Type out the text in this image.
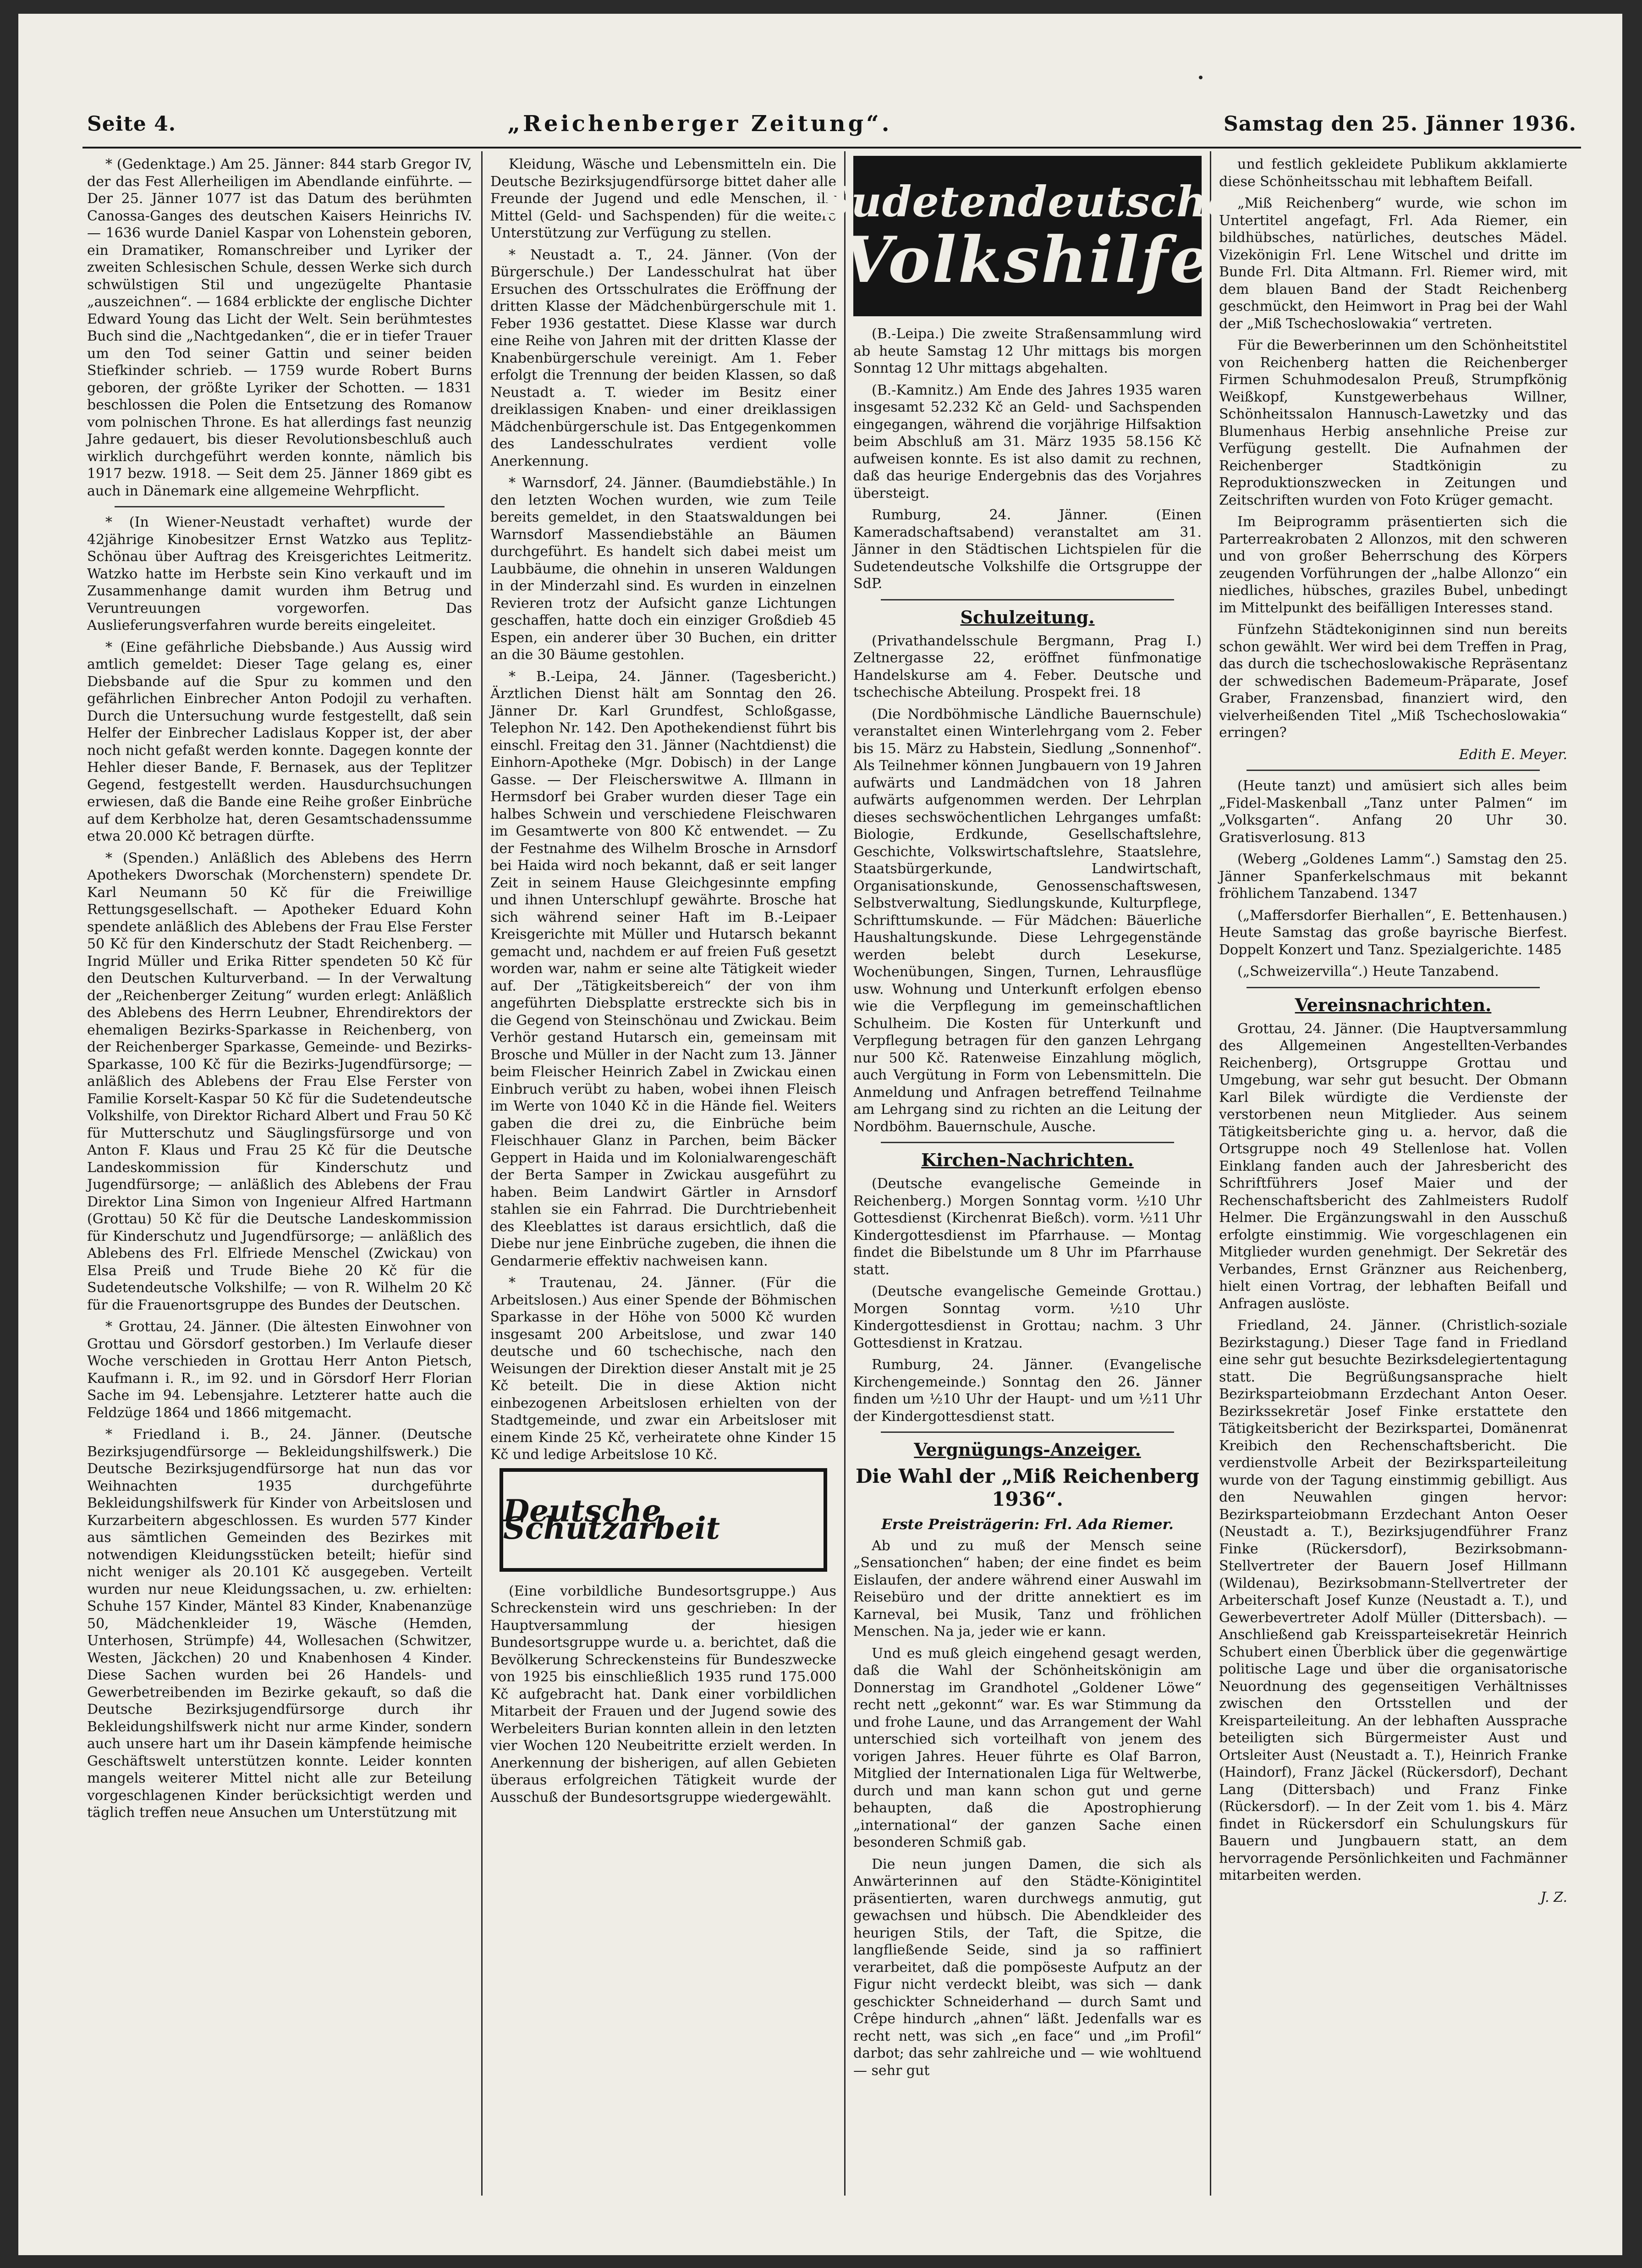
Seite 4.	„Reichenberger Zeitung“.	Samstag den 25. Jänner 1936.

* (Gedenktage.) Am 25. Jänner: 844 starb Gregor IV, der das Fest Allerheiligen im Abendlande einführte. — Der 25. Jänner 1077 ist das Datum des berühmten Canossa-Ganges des deutschen Kaisers Heinrichs IV. — 1636 wurde Daniel Kaspar von Lohenstein geboren, ein Dramatiker, Romanschreiber und Lyriker der zweiten Schlesischen Schule, dessen Werke sich durch schwülstigen Stil und ungezügelte Phantasie „auszeichnen“. — 1684 erblickte der englische Dichter Edward Young das Licht der Welt. Sein berühmtestes Buch sind die „Nachtgedanken“, die er in tiefer Trauer um den Tod seiner Gattin und seiner beiden Stiefkinder schrieb. — 1759 wurde Robert Burns geboren, der größte Lyriker der Schotten. — 1831 beschlossen die Polen die Entsetzung des Romanow vom polnischen Throne. Es hat allerdings fast neunzig Jahre gedauert, bis dieser Revolutionsbeschluß auch wirklich durchgeführt werden konnte, nämlich bis 1917 bezw. 1918. — Seit dem 25. Jänner 1869 gibt es auch in Dänemark eine allgemeine Wehrpflicht.

* (In Wiener-Neustadt verhaftet) wurde der 42jährige Kinobesitzer Ernst Watzko aus Teplitz-Schönau über Auftrag des Kreisgerichtes Leitmeritz. Watzko hatte im Herbste sein Kino verkauft und im Zusammenhange damit wurden ihm Betrug und Veruntreuungen vorgeworfen. Das Auslieferungsverfahren wurde bereits eingeleitet.

* (Eine gefährliche Diebsbande.) Aus Aussig wird amtlich gemeldet: Dieser Tage gelang es, einer Diebsbande auf die Spur zu kommen und den gefährlichen Einbrecher Anton Podojil zu verhaften. Durch die Untersuchung wurde festgestellt, daß sein Helfer der Einbrecher Ladislaus Kopper ist, der aber noch nicht gefaßt werden konnte. Dagegen konnte der Hehler dieser Bande, F. Bernasek, aus der Teplitzer Gegend, festgestellt werden. Hausdurchsuchungen erwiesen, daß die Bande eine Reihe großer Einbrüche auf dem Kerbholze hat, deren Gesamtschadenssumme etwa 20.000 Kč betragen dürfte.

* (Spenden.) Anläßlich des Ablebens des Herrn Apothekers Dworschak (Morchenstern) spendete Dr. Karl Neumann 50 Kč für die Freiwillige Rettungsgesellschaft. — Apotheker Eduard Kohn spendete anläßlich des Ablebens der Frau Else Ferster 50 Kč für den Kinderschutz der Stadt Reichenberg. — Ingrid Müller und Erika Ritter spendeten 50 Kč für den Deutschen Kulturverband. — In der Verwaltung der „Reichenberger Zeitung“ wurden erlegt: Anläßlich des Ablebens des Herrn Leubner, Ehrendirektors der ehemaligen Bezirks-Sparkasse in Reichenberg, von der Reichenberger Sparkasse, Gemeinde- und Bezirks-Sparkasse, 100 Kč für die Bezirks-Jugendfürsorge; — anläßlich des Ablebens der Frau Else Ferster von Familie Korselt-Kaspar 50 Kč für die Sudetendeutsche Volkshilfe, von Direktor Richard Albert und Frau 50 Kč für Mutterschutz und Säuglingsfürsorge und von Anton F. Klaus und Frau 25 Kč für die Deutsche Landeskommission für Kinderschutz und Jugendfürsorge; — anläßlich des Ablebens der Frau Direktor Lina Simon von Ingenieur Alfred Hartmann (Grottau) 50 Kč für die Deutsche Landeskommission für Kinderschutz und Jugendfürsorge; — anläßlich des Ablebens des Frl. Elfriede Menschel (Zwickau) von Elsa Preiß und Trude Biehe 20 Kč für die Sudetendeutsche Volkshilfe; — von R. Wilhelm 20 Kč für die Frauenortsgruppe des Bundes der Deutschen.

* Grottau, 24. Jänner. (Die ältesten Einwohner von Grottau und Görsdorf gestorben.) Im Verlaufe dieser Woche verschieden in Grottau Herr Anton Pietsch, Kaufmann i. R., im 92. und in Görsdorf Herr Florian Sache im 94. Lebensjahre. Letzterer hatte auch die Feldzüge 1864 und 1866 mitgemacht.

* Friedland i. B., 24. Jänner. (Deutsche Bezirksjugendfürsorge — Bekleidungshilfswerk.) Die Deutsche Bezirksjugendfürsorge hat nun das vor Weihnachten 1935 durchgeführte Bekleidungshilfswerk für Kinder von Arbeitslosen und Kurzarbeitern abgeschlossen. Es wurden 577 Kinder aus sämtlichen Gemeinden des Bezirkes mit notwendigen Kleidungsstücken beteilt; hiefür sind nicht weniger als 20.101 Kč ausgegeben. Verteilt wurden nur neue Kleidungssachen, u. zw. erhielten: Schuhe 157 Kinder, Mäntel 83 Kinder, Knabenanzüge 50, Mädchenkleider 19, Wäsche (Hemden, Unterhosen, Strümpfe) 44, Wollesachen (Schwitzer, Westen, Jäckchen) 20 und Knabenhosen 4 Kinder. Diese Sachen wurden bei 26 Handels- und Gewerbetreibenden im Bezirke gekauft, so daß die Deutsche Bezirksjugendfürsorge durch ihr Bekleidungshilfswerk nicht nur arme Kinder, sondern auch unsere hart um ihr Dasein kämpfende heimische Geschäftswelt unterstützen konnte. Leider konnten mangels weiterer Mittel nicht alle zur Beteilung vorgeschlagenen Kinder berücksichtigt werden und täglich treffen neue Ansuchen um Unterstützung mit

Kleidung, Wäsche und Lebensmitteln ein. Die Deutsche Bezirksjugendfürsorge bittet daher alle Freunde der Jugend und edle Menschen, ihr Mittel (Geld- und Sachspenden) für die weitere Unterstützung zur Verfügung zu stellen.

* Neustadt a. T., 24. Jänner. (Von der Bürgerschule.) Der Landesschulrat hat über Ersuchen des Ortsschulrates die Eröffnung der dritten Klasse der Mädchenbürgerschule mit 1. Feber 1936 gestattet. Diese Klasse war durch eine Reihe von Jahren mit der dritten Klasse der Knabenbürgerschule vereinigt. Am 1. Feber erfolgt die Trennung der beiden Klassen, so daß Neustadt a. T. wieder im Besitz einer dreiklassigen Knaben- und einer dreiklassigen Mädchenbürgerschule ist. Das Entgegenkommen des Landesschulrates verdient volle Anerkennung.

* Warnsdorf, 24. Jänner. (Baumdiebstähle.) In den letzten Wochen wurden, wie zum Teile bereits gemeldet, in den Staatswaldungen bei Warnsdorf Massendiebstähle an Bäumen durchgeführt. Es handelt sich dabei meist um Laubbäume, die ohnehin in unseren Waldungen in der Minderzahl sind. Es wurden in einzelnen Revieren trotz der Aufsicht ganze Lichtungen geschaffen, hatte doch ein einziger Großdieb 45 Espen, ein anderer über 30 Buchen, ein dritter an die 30 Bäume gestohlen.

* B.-Leipa, 24. Jänner. (Tagesbericht.) Ärztlichen Dienst hält am Sonntag den 26. Jänner Dr. Karl Grundfest, Schloßgasse, Telephon Nr. 142. Den Apothekendienst führt bis einschl. Freitag den 31. Jänner (Nachtdienst) die Einhorn-Apotheke (Mgr. Dobisch) in der Lange Gasse. — Der Fleischerswitwe A. Illmann in Hermsdorf bei Graber wurden dieser Tage ein halbes Schwein und verschiedene Fleischwaren im Gesamtwerte von 800 Kč entwendet. — Zu der Festnahme des Wilhelm Brosche in Arnsdorf bei Haida wird noch bekannt, daß er seit langer Zeit in seinem Hause Gleichgesinnte empfing und ihnen Unterschlupf gewährte. Brosche hat sich während seiner Haft im B.-Leipaer Kreisgerichte mit Müller und Hutarsch bekannt gemacht und, nachdem er auf freien Fuß gesetzt worden war, nahm er seine alte Tätigkeit wieder auf. Der „Tätigkeitsbereich“ der von ihm angeführten Diebsplatte erstreckte sich bis in die Gegend von Steinschönau und Zwickau. Beim Verhör gestand Hutarsch ein, gemeinsam mit Brosche und Müller in der Nacht zum 13. Jänner beim Fleischer Heinrich Zabel in Zwickau einen Einbruch verübt zu haben, wobei ihnen Fleisch im Werte von 1040 Kč in die Hände fiel. Weiters gaben die drei zu, die Einbrüche beim Fleischhauer Glanz in Parchen, beim Bäcker Geppert in Haida und im Kolonialwarengeschäft der Berta Samper in Zwickau ausgeführt zu haben. Beim Landwirt Gärtler in Arnsdorf stahlen sie ein Fahrrad. Die Durchtriebenheit des Kleeblattes ist daraus ersichtlich, daß die Diebe nur jene Einbrüche zugeben, die ihnen die Gendarmerie effektiv nachweisen kann.

* Trautenau, 24. Jänner. (Für die Arbeitslosen.) Aus einer Spende der Böhmischen Sparkasse in der Höhe von 5000 Kč wurden insgesamt 200 Arbeitslose, und zwar 140 deutsche und 60 tschechische, nach den Weisungen der Direktion dieser Anstalt mit je 25 Kč beteilt. Die in diese Aktion nicht einbezogenen Arbeitslosen erhielten von der Stadtgemeinde, und zwar ein Arbeitsloser mit einem Kinde 25 Kč, verheiratete ohne Kinder 15 Kč und ledige Arbeitslose 10 Kč.

Deutsche Schutzarbeit

(Eine vorbildliche Bundesortsgruppe.) Aus Schreckenstein wird uns geschrieben: In der Hauptversammlung der hiesigen Bundesortsgruppe wurde u. a. berichtet, daß die Bevölkerung Schreckensteins für Bundeszwecke von 1925 bis einschließlich 1935 rund 175.000 Kč aufgebracht hat. Dank einer vorbildlichen Mitarbeit der Frauen und der Jugend sowie des Werbeleiters Burian konnten allein in den letzten vier Wochen 120 Neubeitritte erzielt werden. In Anerkennung der bisherigen, auf allen Gebieten überaus erfolgreichen Tätigkeit wurde der Ausschuß der Bundesortsgruppe wiedergewählt.

Sudetendeutsche
Volkshilfe

(B.-Leipa.) Die zweite Straßensammlung wird ab heute Samstag 12 Uhr mittags bis morgen Sonntag 12 Uhr mittags abgehalten.

(B.-Kamnitz.) Am Ende des Jahres 1935 waren insgesamt 52.232 Kč an Geld- und Sachspenden eingegangen, während die vorjährige Hilfsaktion beim Abschluß am 31. März 1935 58.156 Kč aufweisen konnte. Es ist also damit zu rechnen, daß das heurige Endergebnis das des Vorjahres übersteigt.

Rumburg, 24. Jänner. (Einen Kameradschaftsabend) veranstaltet am 31. Jänner in den Städtischen Lichtspielen für die Sudetendeutsche Volkshilfe die Ortsgruppe der SdP.

Schulzeitung.

(Privathandelsschule Bergmann, Prag I.) Zeltnergasse 22, eröffnet fünfmonatige Handelskurse am 4. Feber. Deutsche und tschechische Abteilung. Prospekt frei. 18

(Die Nordböhmische Ländliche Bauernschule) veranstaltet einen Winterlehrgang vom 2. Feber bis 15. März zu Habstein, Siedlung „Sonnenhof“. Als Teilnehmer können Jungbauern von 19 Jahren aufwärts und Landmädchen von 18 Jahren aufwärts aufgenommen werden. Der Lehrplan dieses sechswöchentlichen Lehrganges umfaßt: Biologie, Erdkunde, Gesellschaftslehre, Geschichte, Volkswirtschaftslehre, Staatslehre, Staatsbürgerkunde, Landwirtschaft, Organisationskunde, Genossenschaftswesen, Selbstverwaltung, Siedlungskunde, Kulturpflege, Schrifttumskunde. — Für Mädchen: Bäuerliche Haushaltungskunde. Diese Lehrgegenstände werden belebt durch Lesekurse, Wochenübungen, Singen, Turnen, Lehrausflüge usw. Wohnung und Unterkunft erfolgen ebenso wie die Verpflegung im gemeinschaftlichen Schulheim. Die Kosten für Unterkunft und Verpflegung betragen für den ganzen Lehrgang nur 500 Kč. Ratenweise Einzahlung möglich, auch Vergütung in Form von Lebensmitteln. Die Anmeldung und Anfragen betreffend Teilnahme am Lehrgang sind zu richten an die Leitung der Nordböhm. Bauernschule, Ausche.

Kirchen-Nachrichten.

(Deutsche evangelische Gemeinde in Reichenberg.) Morgen Sonntag vorm. ½10 Uhr Gottesdienst (Kirchenrat Bießch). vorm. ½11 Uhr Kindergottesdienst im Pfarrhause. — Montag findet die Bibelstunde um 8 Uhr im Pfarrhause statt.

(Deutsche evangelische Gemeinde Grottau.) Morgen Sonntag vorm. ½10 Uhr Kindergottesdienst in Grottau; nachm. 3 Uhr Gottesdienst in Kratzau.

Rumburg, 24. Jänner. (Evangelische Kirchengemeinde.) Sonntag den 26. Jänner finden um ½10 Uhr der Haupt- und um ½11 Uhr der Kindergottesdienst statt.

Vergnügungs-Anzeiger.
Die Wahl der „Miß Reichenberg 1936“.
Erste Preisträgerin: Frl. Ada Riemer.

Ab und zu muß der Mensch seine „Sensationchen“ haben; der eine findet es beim Eislaufen, der andere während einer Auswahl im Reisebüro und der dritte annektiert es im Karneval, bei Musik, Tanz und fröhlichen Menschen. Na ja, jeder wie er kann.

Und es muß gleich eingehend gesagt werden, daß die Wahl der Schönheitskönigin am Donnerstag im Grandhotel „Goldener Löwe“ recht nett „gekonnt“ war. Es war Stimmung da und frohe Laune, und das Arrangement der Wahl unterschied sich vorteilhaft von jenem des vorigen Jahres. Heuer führte es Olaf Barron, Mitglied der Internationalen Liga für Weltwerbe, durch und man kann schon gut und gerne behaupten, daß die Apostrophierung „international“ der ganzen Sache einen besonderen Schmiß gab.

Die neun jungen Damen, die sich als Anwärterinnen auf den Städte-Königintitel präsentierten, waren durchwegs anmutig, gut gewachsen und hübsch. Die Abendkleider des heurigen Stils, der Taft, die Spitze, die langfließende Seide, sind ja so raffiniert verarbeitet, daß die pompöseste Aufputz an der Figur nicht verdeckt bleibt, was sich — dank geschickter Schneiderhand — durch Samt und Crêpe hindurch „ahnen“ läßt. Jedenfalls war es recht nett, was sich „en face“ und „im Profil“ darbot; das sehr zahlreiche und — wie wohltuend — sehr gut

und festlich gekleidete Publikum akklamierte diese Schönheitsschau mit lebhaftem Beifall.

„Miß Reichenberg“ wurde, wie schon im Untertitel angefagt, Frl. Ada Riemer, ein bildhübsches, natürliches, deutsches Mädel. Vizekönigin Frl. Lene Witschel und dritte im Bunde Frl. Dita Altmann. Frl. Riemer wird, mit dem blauen Band der Stadt Reichenberg geschmückt, den Heimwort in Prag bei der Wahl der „Miß Tschechoslowakia“ vertreten.

Für die Bewerberinnen um den Schönheitstitel von Reichenberg hatten die Reichenberger Firmen Schuhmodesalon Preuß, Strumpfkönig Weißkopf, Kunstgewerbehaus Willner, Schönheitssalon Hannusch-Lawetzky und das Blumenhaus Herbig ansehnliche Preise zur Verfügung gestellt. Die Aufnahmen der Reichenberger Stadtkönigin zu Reproduktionszwecken in Zeitungen und Zeitschriften wurden von Foto Krüger gemacht.

Im Beiprogramm präsentierten sich die Parterreakrobaten 2 Allonzos, mit den schweren und von großer Beherrschung des Körpers zeugenden Vorführungen der „halbe Allonzo“ ein niedliches, hübsches, graziles Bubel, unbedingt im Mittelpunkt des beifälligen Interesses stand.

Fünfzehn Städtekoniginnen sind nun bereits schon gewählt. Wer wird bei dem Treffen in Prag, das durch die tschechoslowakische Repräsentanz der schwedischen Bademeum-Präparate, Josef Graber, Franzensbad, finanziert wird, den vielverheißenden Titel „Miß Tschechoslowakia“ erringen?

Edith E. Meyer.

(Heute tanzt) und amüsiert sich alles beim „Fidel-Maskenball „Tanz unter Palmen“ im „Volksgarten“. Anfang 20 Uhr 30. Gratisverlosung. 813

(Weberg „Goldenes Lamm“.) Samstag den 25. Jänner Spanferkelschmaus mit bekannt fröhlichem Tanzabend. 1347

(„Maffersdorfer Bierhallen“, E. Bettenhausen.) Heute Samstag das große bayrische Bierfest. Doppelt Konzert und Tanz. Spezialgerichte. 1485

(„Schweizervilla“.) Heute Tanzabend.

Vereinsnachrichten.

Grottau, 24. Jänner. (Die Hauptversammlung des Allgemeinen Angestellten-Verbandes Reichenberg), Ortsgruppe Grottau und Umgebung, war sehr gut besucht. Der Obmann Karl Bilek würdigte die Verdienste der verstorbenen neun Mitglieder. Aus seinem Tätigkeitsberichte ging u. a. hervor, daß die Ortsgruppe noch 49 Stellenlose hat. Vollen Einklang fanden auch der Jahresbericht des Schriftführers Josef Maier und der Rechenschaftsbericht des Zahlmeisters Rudolf Helmer. Die Ergänzungswahl in den Ausschuß erfolgte einstimmig. Wie vorgeschlagenen ein Mitglieder wurden genehmigt. Der Sekretär des Verbandes, Ernst Gränzner aus Reichenberg, hielt einen Vortrag, der lebhaften Beifall und Anfragen auslöste.

Friedland, 24. Jänner. (Christlich-soziale Bezirkstagung.) Dieser Tage fand in Friedland eine sehr gut besuchte Bezirksdelegiertentagung statt. Die Begrüßungsansprache hielt Bezirksparteiobmann Erzdechant Anton Oeser. Bezirkssekretär Josef Finke erstattete den Tätigkeitsbericht der Bezirkspartei, Domänenrat Kreibich den Rechenschaftsbericht. Die verdienstvolle Arbeit der Bezirksparteileitung wurde von der Tagung einstimmig gebilligt. Aus den Neuwahlen gingen hervor: Bezirksparteiobmann Erzdechant Anton Oeser (Neustadt a. T.), Bezirksjugendführer Franz Finke (Rückersdorf), Bezirksobmann-Stellvertreter der Bauern Josef Hillmann (Wildenau), Bezirksobmann-Stellvertreter der Arbeiterschaft Josef Kunze (Neustadt a. T.), und Gewerbevertreter Adolf Müller (Dittersbach). — Anschließend gab Kreissparteisekretär Heinrich Schubert einen Überblick über die gegenwärtige politische Lage und über die organisatorische Neuordnung des gegenseitigen Verhältnisses zwischen den Ortsstellen und der Kreisparteileitung. An der lebhaften Aussprache beteiligten sich Bürgermeister Aust und Ortsleiter Aust (Neustadt a. T.), Heinrich Franke (Haindorf), Franz Jäckel (Rückersdorf), Dechant Lang (Dittersbach) und Franz Finke (Rückersdorf). — In der Zeit vom 1. bis 4. März findet in Rückersdorf ein Schulungskurs für Bauern und Jungbauern statt, an dem hervorragende Persönlichkeiten und Fachmänner mitarbeiten werden.

J. Z.
